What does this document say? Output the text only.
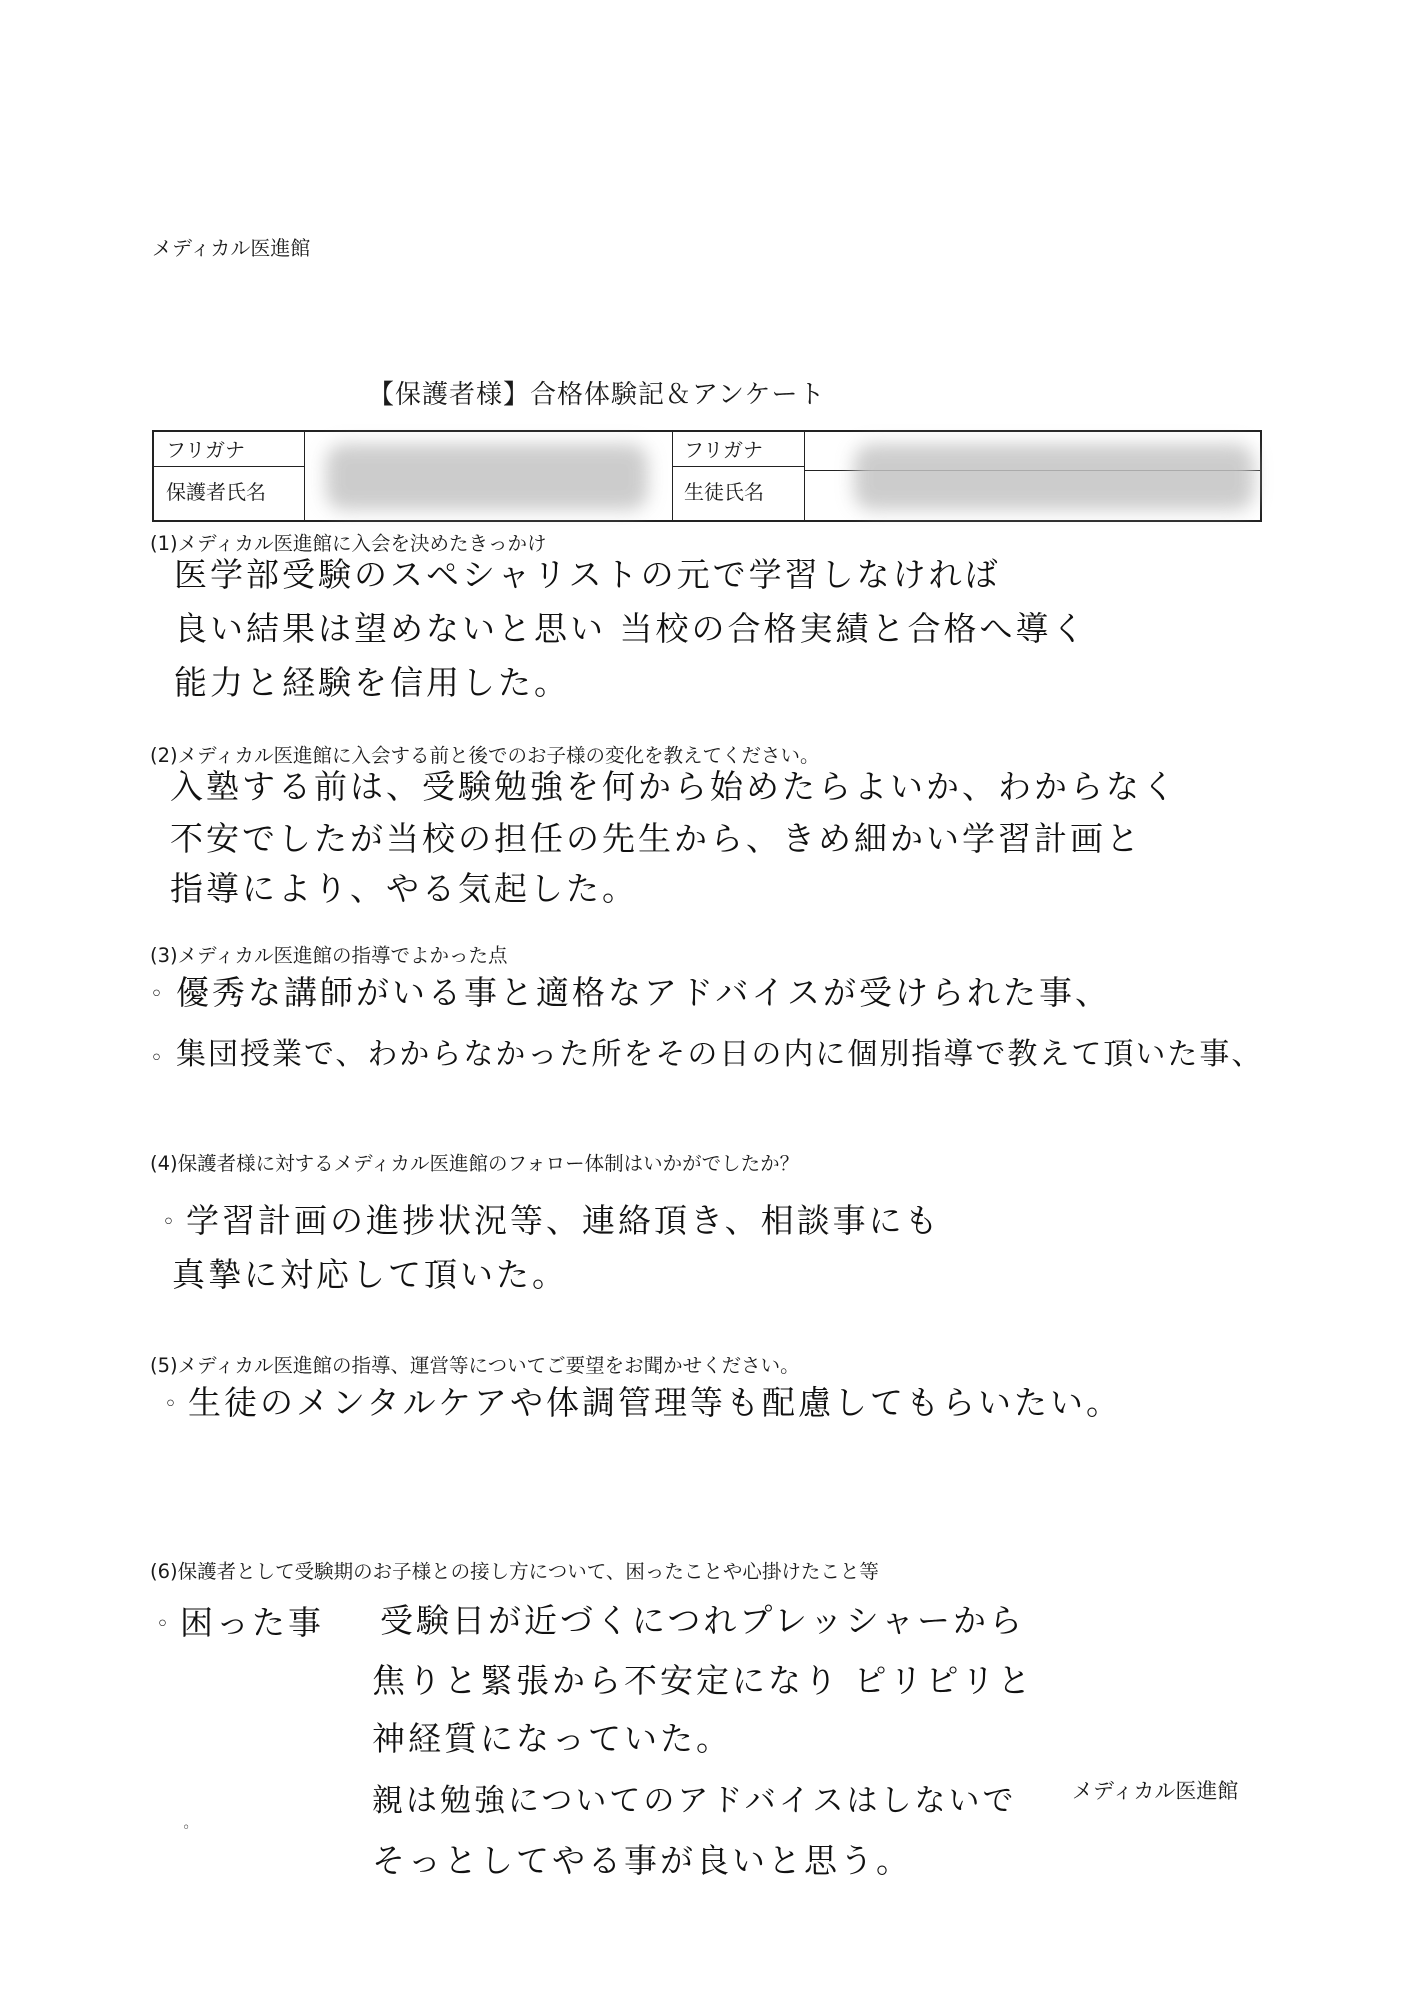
メディカル医進館
【保護者様】合格体験記＆アンケート
フリガナ
保護者氏名
フリガナ
生徒氏名
(1)メディカル医進館に入会を決めたきっかけ
医学部受験のスペシャリストの元で学習しなければ
良い結果は望めないと思い 当校の合格実績と合格へ導く
能力と経験を信用した。
(2)メディカル医進館に入会する前と後でのお子様の変化を教えてください。
入塾する前は、受験勉強を何から始めたらよいか、わからなく
不安でしたが当校の担任の先生から、きめ細かい学習計画と
指導により、やる気起した。
(3)メディカル医進館の指導でよかった点
◦ 優秀な講師がいる事と適格なアドバイスが受けられた事、
◦ 集団授業で、わからなかった所をその日の内に個別指導で教えて頂いた事、
(4)保護者様に対するメディカル医進館のフォロー体制はいかがでしたか？
◦ 学習計画の進捗状況等、連絡頂き、相談事にも
真摯に対応して頂いた。
(5)メディカル医進館の指導、運営等についてご要望をお聞かせください。
◦ 生徒のメンタルケアや体調管理等も配慮してもらいたい。
(6)保護者として受験期のお子様との接し方について、困ったことや心掛けたこと等
◦ 困った事 受験日が近づくにつれプレッシャーから
焦りと緊張から不安定になり ピリピリと
神経質になっていた。
親は勉強についてのアドバイスはしないで
そっとしてやる事が良いと思う。
◦
メディカル医進館
